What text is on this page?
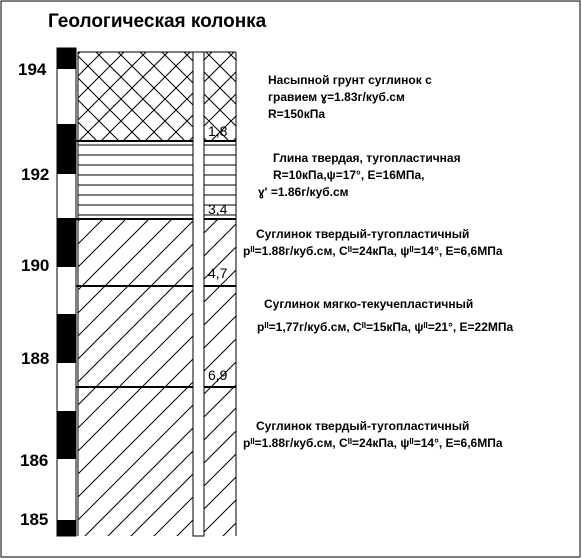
Геологическая колонка
194
192
190
188
186
185
1,8
3,4
4,7
6,9
Насыпной грунт суглинок с
гравием ɣ=1.83г/куб.см
R=150кПа
Глина твердая, тугопластичная
R=10кПа,ψ=17°, E=16МПа,
ɣ' =1.86г/куб.см
Суглинок твердый-тугопластичный
pᴵᴵ=1.88г/куб.см, Cᴵᴵ=24кПа, ψᴵᴵ=14°, E=6,6МПа
Суглинок мягко-текучепластичный
pᴵᴵ=1,77г/куб.см, Cᴵᴵ=15кПа, ψᴵᴵ=21°, E=22МПа
Суглинок твердый-тугопластичный
pᴵᴵ=1.88г/куб.см, Cᴵᴵ=24кПа, ψᴵᴵ=14°, E=6,6МПа
